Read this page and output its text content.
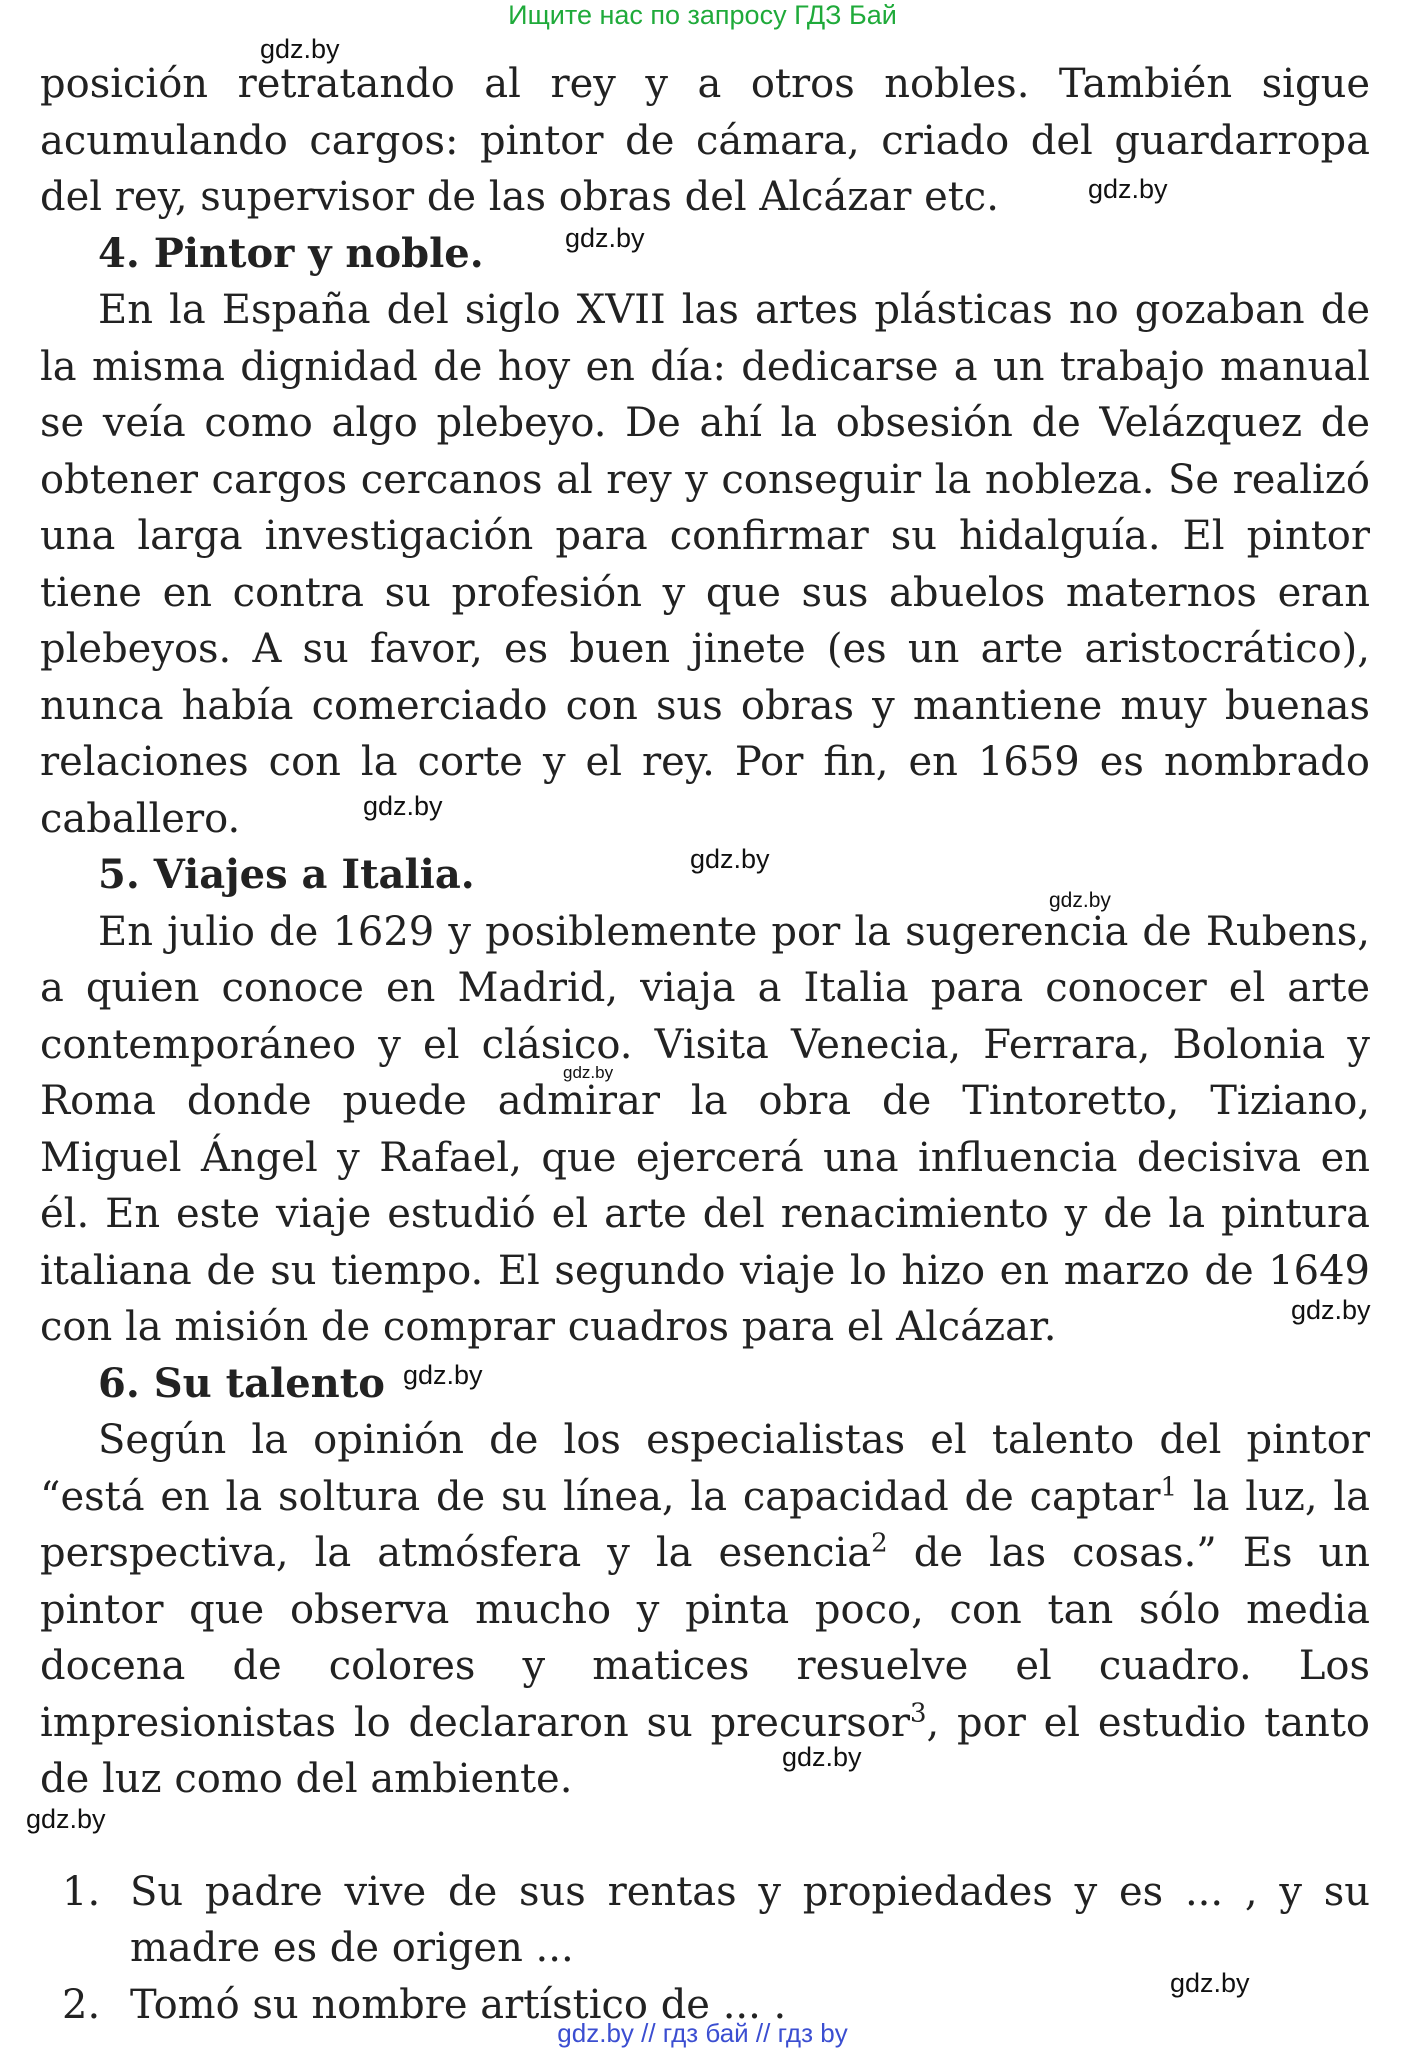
Ищите нас по запросу ГДЗ Бай

posición retratando al rey y a otros nobles. También sigue acumulando cargos: pintor de cámara, criado del guardarropa del rey, supervisor de las obras del Alcázar etc.

4. Pintor y noble.

En la España del siglo XVII las artes plásticas no gozaban de la misma dignidad de hoy en día: dedicarse a un trabajo manual se veía como algo plebeyo. De ahí la obsesión de Velázquez de obtener cargos cercanos al rey y conseguir la nobleza. Se realizó una larga investigación para confirmar su hidalguía. El pintor tiene en contra su profesión y que sus abuelos maternos eran plebeyos. A su favor, es buen jinete (es un arte aristocrático), nunca había comerciado con sus obras y mantiene muy buenas relaciones con la corte y el rey. Por fin, en 1659 es nombrado caballero.

5. Viajes a Italia.

En julio de 1629 y posiblemente por la sugerencia de Rubens, a quien conoce en Madrid, viaja a Italia para conocer el arte contemporáneo y el clásico. Visita Venecia, Ferrara, Bolonia y Roma donde puede admirar la obra de Tintoretto, Tiziano, Miguel Ángel y Rafael, que ejercerá una influencia decisiva en él. En este viaje estudió el arte del renacimiento y de la pintura italiana de su tiempo. El segundo viaje lo hizo en marzo de 1649 con la misión de comprar cuadros para el Alcázar.

6. Su talento

Según la opinión de los especialistas el talento del pintor “está en la soltura de su línea, la capacidad de captar$^1$ la luz, la perspectiva, la atmósfera y la esencia$^2$ de las cosas.” Es un pintor que observa mucho y pinta poco, con tan sólo media docena de colores y matices resuelve el cuadro. Los impresionistas lo declararon su precursor$^3$, por el estudio tanto de luz como del ambiente.

1. Su padre vive de sus rentas y propiedades y es ... , y su madre es de origen ...
2. Tomó su nombre artístico de ... .
gdz.by
gdz.by
gdz.by
gdz.by
gdz.by
gdz.by
gdz.by
gdz.by
gdz.by
gdz.by
gdz.by
gdz.by
gdz.by // гдз бай // гдз by
